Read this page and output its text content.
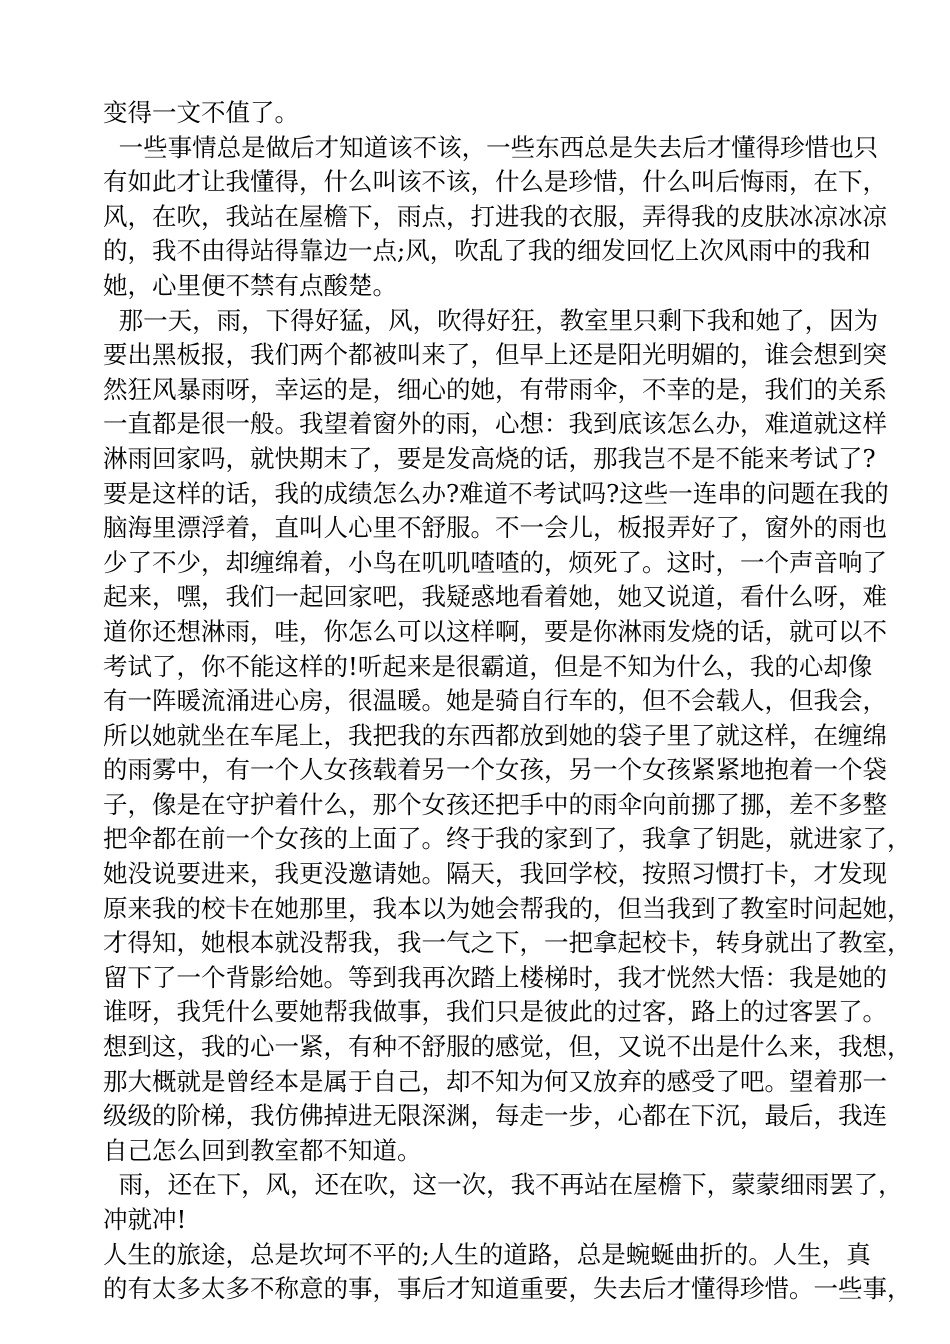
变得一文不值了。
一些事情总是做后才知道该不该，一些东西总是失去后才懂得珍惜也只
有如此才让我懂得，什么叫该不该，什么是珍惜，什么叫后悔雨，在下，
风，在吹，我站在屋檐下，雨点，打进我的衣服，弄得我的皮肤冰凉冰凉
的，我不由得站得靠边一点;风，吹乱了我的细发回忆上次风雨中的我和
她，心里便不禁有点酸楚。
那一天，雨，下得好猛，风，吹得好狂，教室里只剩下我和她了，因为
要出黑板报，我们两个都被叫来了，但早上还是阳光明媚的，谁会想到突
然狂风暴雨呀，幸运的是，细心的她，有带雨伞，不幸的是，我们的关系
一直都是很一般。我望着窗外的雨，心想：我到底该怎么办，难道就这样
淋雨回家吗，就快期末了，要是发高烧的话，那我岂不是不能来考试了?
要是这样的话，我的成绩怎么办?难道不考试吗?这些一连串的问题在我的
脑海里漂浮着，直叫人心里不舒服。不一会儿，板报弄好了，窗外的雨也
少了不少，却缠绵着，小鸟在叽叽喳喳的，烦死了。这时，一个声音响了
起来，嘿，我们一起回家吧，我疑惑地看着她，她又说道，看什么呀，难
道你还想淋雨，哇，你怎么可以这样啊，要是你淋雨发烧的话，就可以不
考试了，你不能这样的!听起来是很霸道，但是不知为什么，我的心却像
有一阵暖流涌进心房，很温暖。她是骑自行车的，但不会载人，但我会，
所以她就坐在车尾上，我把我的东西都放到她的袋子里了就这样，在缠绵
的雨雾中，有一个人女孩载着另一个女孩，另一个女孩紧紧地抱着一个袋
子，像是在守护着什么，那个女孩还把手中的雨伞向前挪了挪，差不多整
把伞都在前一个女孩的上面了。终于我的家到了，我拿了钥匙，就进家了，
她没说要进来，我更没邀请她。隔天，我回学校，按照习惯打卡，才发现
原来我的校卡在她那里，我本以为她会帮我的，但当我到了教室时问起她，
才得知，她根本就没帮我，我一气之下，一把拿起校卡，转身就出了教室，
留下了一个背影给她。等到我再次踏上楼梯时，我才恍然大悟：我是她的
谁呀，我凭什么要她帮我做事，我们只是彼此的过客，路上的过客罢了。
想到这，我的心一紧，有种不舒服的感觉，但，又说不出是什么来，我想，
那大概就是曾经本是属于自己，却不知为何又放弃的感受了吧。望着那一
级级的阶梯，我仿佛掉进无限深渊，每走一步，心都在下沉，最后，我连
自己怎么回到教室都不知道。
雨，还在下，风，还在吹，这一次，我不再站在屋檐下，蒙蒙细雨罢了，
冲就冲!
人生的旅途，总是坎坷不平的;人生的道路，总是蜿蜒曲折的。人生，真
的有太多太多不称意的事，事后才知道重要，失去后才懂得珍惜。一些事，
